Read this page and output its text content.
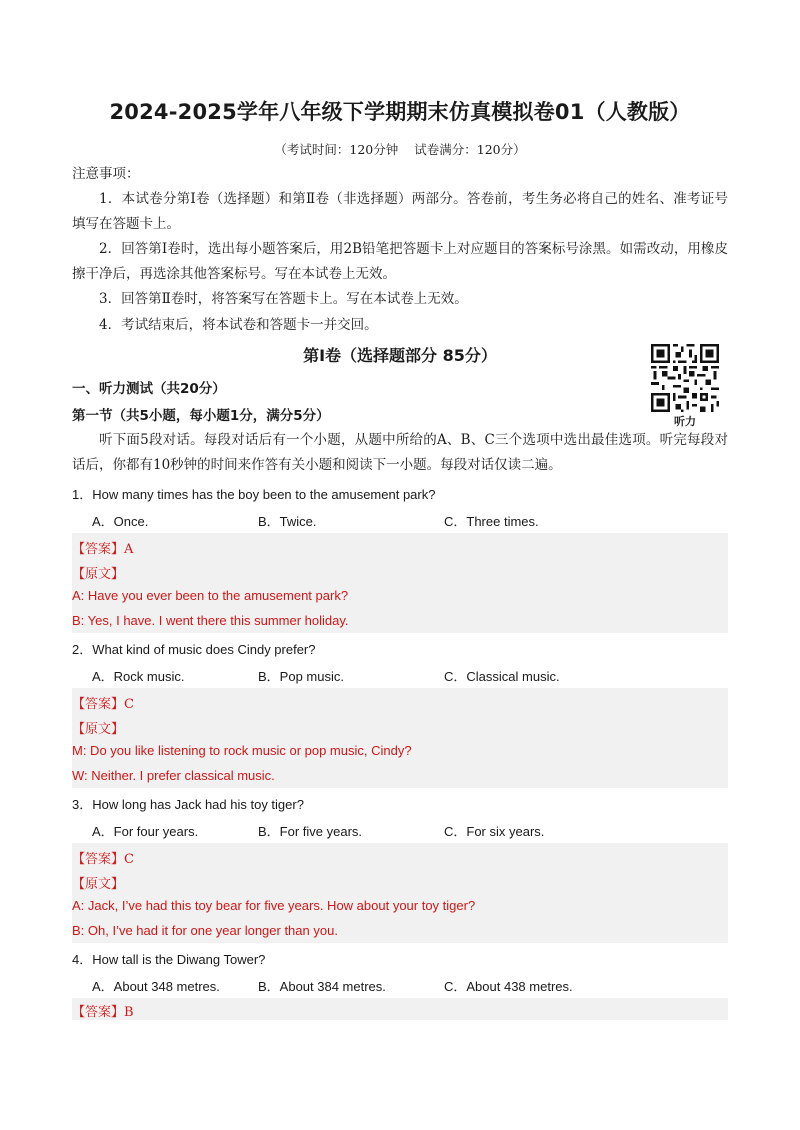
2024-2025学年八年级下学期期末仿真模拟卷01（人教版）
（考试时间：120分钟 试卷满分：120分）
注意事项：
1．本试卷分第Ⅰ卷（选择题）和第Ⅱ卷（非选择题）两部分。答卷前，考生务必将自己的姓名、准考证号填写在答题卡上。
2．回答第Ⅰ卷时，选出每小题答案后，用2B铅笔把答题卡上对应题目的答案标号涂黑。如需改动，用橡皮擦干净后，再选涂其他答案标号。写在本试卷上无效。
3．回答第Ⅱ卷时，将答案写在答题卡上。写在本试卷上无效。
4．考试结束后，将本试卷和答题卡一并交回。
第Ⅰ卷（选择题部分 85分）
听力
一、听力测试（共20分）
第一节（共5小题，每小题1分，满分5分）
听下面5段对话。每段对话后有一个小题，从题中所给的A、B、C三个选项中选出最佳选项。听完每段对话后，你都有10秒钟的时间来作答有关小题和阅读下一小题。每段对话仅读二遍。
1．How many times has the boy been to the amusement park?
A．Once.	B．Twice.	C．Three times.
【答案】A
【原文】
A: Have you ever been to the amusement park?
B: Yes, I have. I went there this summer holiday.
2．What kind of music does Cindy prefer?
A．Rock music.	B．Pop music.	C．Classical music.
【答案】C
【原文】
M: Do you like listening to rock music or pop music, Cindy?
W: Neither. I prefer classical music.
3．How long has Jack had his toy tiger?
A．For four years.	B．For five years.	C．For six years.
【答案】C
【原文】
A: Jack, I’ve had this toy bear for five years. How about your toy tiger?
B: Oh, I’ve had it for one year longer than you.
4．How tall is the Diwang Tower?
A．About 348 metres.	B．About 384 metres.	C．About 438 metres.
【答案】B
